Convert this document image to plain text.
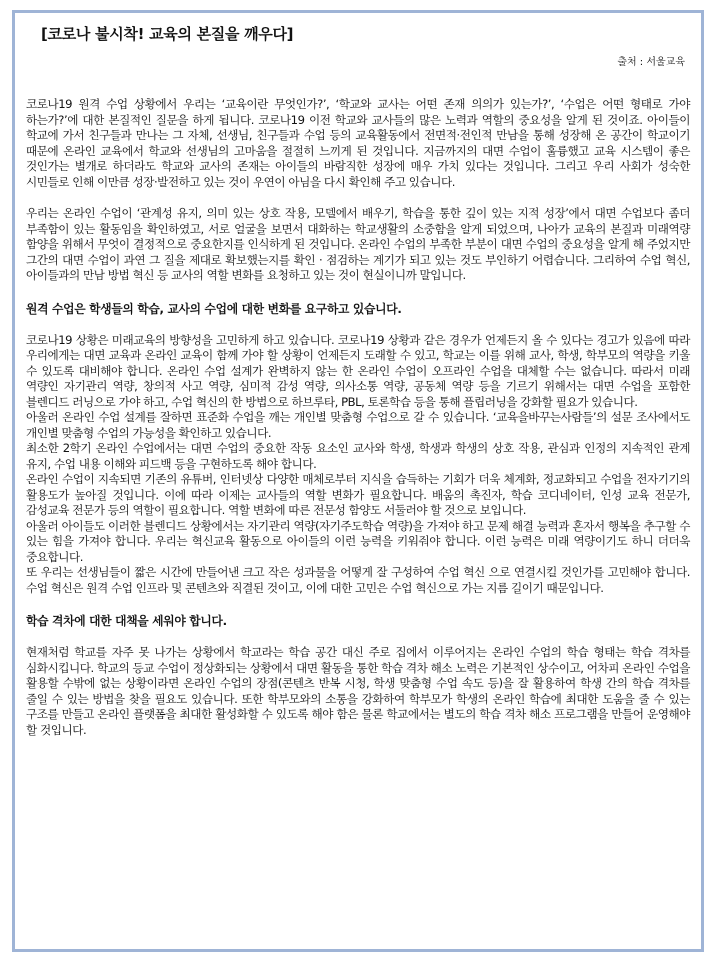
[코로나 불시착! 교육의 본질을 깨우다]
출처 : 서울교육

코로나19 원격 수업 상황에서 우리는 ‘교육이란 무엇인가?’, ‘학교와 교사는 어떤 존재 의의가 있는가?’, ‘수업은 어떤 형태로 가야 하는가?’에 대한 본질적인 질문을 하게 됩니다. 코로나19 이전 학교와 교사들의 많은 노력과 역할의 중요성을 알게 된 것이죠. 아이들이 학교에 가서 친구들과 만나는 그 자체, 선생님, 친구들과 수업 등의 교육활동에서 전면적·전인적 만남을 통해 성장해 온 공간이 학교이기 때문에 온라인 교육에서 학교와 선생님의 고마움을 절절히 느끼게 된 것입니다. 지금까지의 대면 수업이 훌륭했고 교육 시스템이 좋은 것인가는 별개로 하더라도 학교와 교사의 존재는 아이들의 바람직한 성장에 매우 가치 있다는 것입니다. 그리고 우리 사회가 성숙한 시민들로 인해 이만큼 성장·발전하고 있는 것이 우연이 아님을 다시 확인해 주고 있습니다.

우리는 온라인 수업이 ‘관계성 유지, 의미 있는 상호 작용, 모델에서 배우기, 학습을 통한 깊이 있는 지적 성장’에서 대면 수업보다 좀더 부족함이 있는 활동임을 확인하였고, 서로 얼굴을 보면서 대화하는 학교생활의 소중함을 알게 되었으며, 나아가 교육의 본질과 미래역량 함양을 위해서 무엇이 결정적으로 중요한지를 인식하게 된 것입니다. 온라인 수업의 부족한 부분이 대면 수업의 중요성을 알게 해 주었지만 그간의 대면 수업이 과연 그 질을 제대로 확보했는지를 확인 · 점검하는 계기가 되고 있는 것도 부인하기 어렵습니다. 그리하여 수업 혁신, 아이들과의 만남 방법 혁신 등 교사의 역할 변화를 요청하고 있는 것이 현실이니까 말입니다.

원격 수업은 학생들의 학습, 교사의 수업에 대한 변화를 요구하고 있습니다.

코로나19 상황은 미래교육의 방향성을 고민하게 하고 있습니다. 코로나19 상황과 같은 경우가 언제든지 올 수 있다는 경고가 있음에 따라 우리에게는 대면 교육과 온라인 교육이 함께 가야 할 상황이 언제든지 도래할 수 있고, 학교는 이를 위해 교사, 학생, 학부모의 역량을 키울 수 있도록 대비해야 합니다. 온라인 수업 설계가 완벽하지 않는 한 온라인 수업이 오프라인 수업을 대체할 수는 없습니다. 따라서 미래 역량인 자기관리 역량, 창의적 사고 역량, 심미적 감성 역량, 의사소통 역량, 공동체 역량 등을 기르기 위해서는 대면 수업을 포함한 블렌디드 러닝으로 가야 하고, 수업 혁신의 한 방법으로 하브루타, PBL, 토론학습 등을 통해 플립러닝을 강화할 필요가 있습니다.

아울러 온라인 수업 설계를 잘하면 표준화 수업을 깨는 개인별 맞춤형 수업으로 갈 수 있습니다. ‘교육을바꾸는사람들’의 설문 조사에서도 개인별 맞춤형 수업의 가능성을 확인하고 있습니다.

최소한 2학기 온라인 수업에서는 대면 수업의 중요한 작동 요소인 교사와 학생, 학생과 학생의 상호 작용, 관심과 인정의 지속적인 관계 유지, 수업 내용 이해와 피드백 등을 구현하도록 해야 합니다.

온라인 수업이 지속되면 기존의 유튜버, 인터넷상 다양한 매체로부터 지식을 습득하는 기회가 더욱 체계화, 정교화되고 수업을 전자기기의 활용도가 높아질 것입니다. 이에 따라 이제는 교사들의 역할 변화가 필요합니다. 배움의 촉진자, 학습 코디네이터, 인성 교육 전문가, 감성교육 전문가 등의 역할이 필요합니다. 역할 변화에 따른 전문성 함양도 서둘러야 할 것으로 보입니다.

아울러 아이들도 이러한 블렌디드 상황에서는 자기관리 역량(자기주도학습 역량)을 가져야 하고 문제 해결 능력과 혼자서 행복을 추구할 수 있는 힘을 가져야 합니다. 우리는 혁신교육 활동으로 아이들의 이런 능력을 키워줘야 합니다. 이런 능력은 미래 역량이기도 하니 더더욱 중요합니다.

또 우리는 선생님들이 짧은 시간에 만들어낸 크고 작은 성과물을 어떻게 잘 구성하여 수업 혁신 으로 연결시킬 것인가를 고민해야 합니다. 수업 혁신은 원격 수업 인프라 및 콘텐츠와 직결된 것이고, 이에 대한 고민은 수업 혁신으로 가는 지름 길이기 때문입니다.

학습 격차에 대한 대책을 세워야 합니다.

현재처럼 학교를 자주 못 나가는 상황에서 학교라는 학습 공간 대신 주로 집에서 이루어지는 온라인 수업의 학습 형태는 학습 격차를 심화시킵니다. 학교의 등교 수업이 정상화되는 상황에서 대면 활동을 통한 학습 격차 해소 노력은 기본적인 상수이고, 어차피 온라인 수업을 활용할 수밖에 없는 상황이라면 온라인 수업의 장점(콘텐츠 반복 시청, 학생 맞춤형 수업 속도 등)을 잘 활용하여 학생 간의 학습 격차를 줄일 수 있는 방법을 찾을 필요도 있습니다. 또한 학부모와의 소통을 강화하여 학부모가 학생의 온라인 학습에 최대한 도움을 줄 수 있는 구조를 만들고 온라인 플랫폼을 최대한 활성화할 수 있도록 해야 함은 물론 학교에서는 별도의 학습 격차 해소 프로그램을 만들어 운영해야 할 것입니다.
